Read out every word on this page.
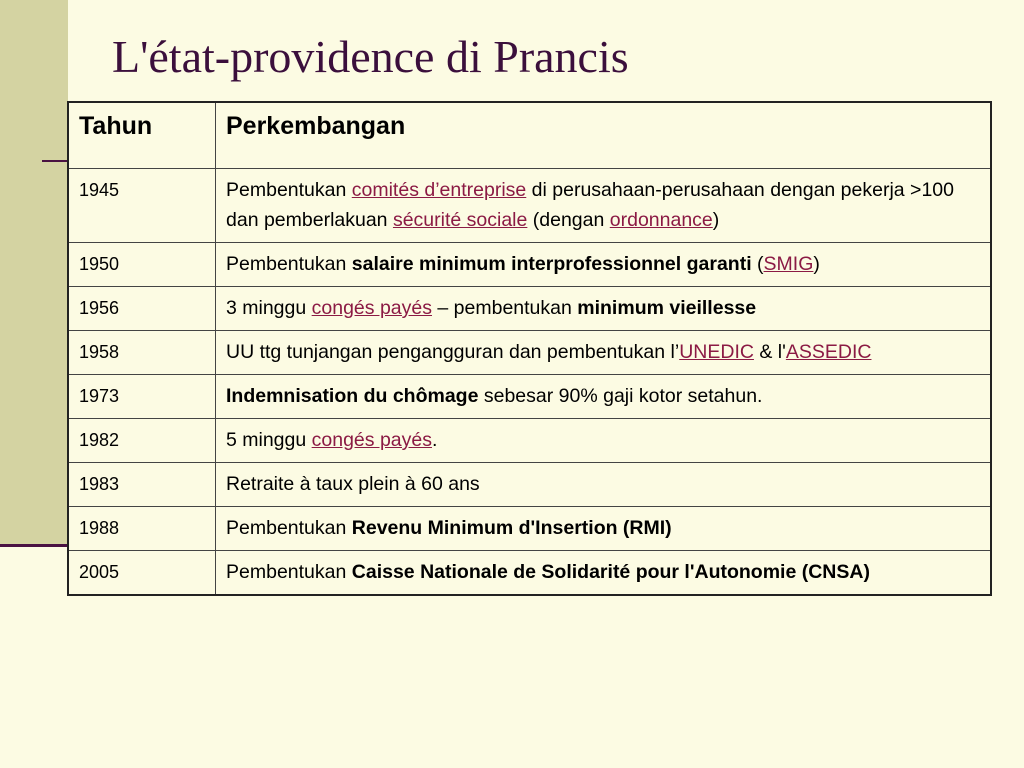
L'état-providence di Prancis
Tahun	Perkembangan
1945	Pembentukan comités d’entreprise di perusahaan-perusahaan dengan pekerja >100 dan pemberlakuan sécurité sociale (dengan ordonnance)
1950	Pembentukan salaire minimum interprofessionnel garanti (SMIG)
1956	3 minggu congés payés – pembentukan minimum vieillesse
1958	UU ttg tunjangan pengangguran dan pembentukan l’UNEDIC & l'ASSEDIC
1973	Indemnisation du chômage sebesar 90% gaji kotor setahun.
1982	5 minggu congés payés.
1983	Retraite à taux plein à 60 ans
1988	Pembentukan Revenu Minimum d'Insertion (RMI)
2005	Pembentukan Caisse Nationale de Solidarité pour l'Autonomie (CNSA)
